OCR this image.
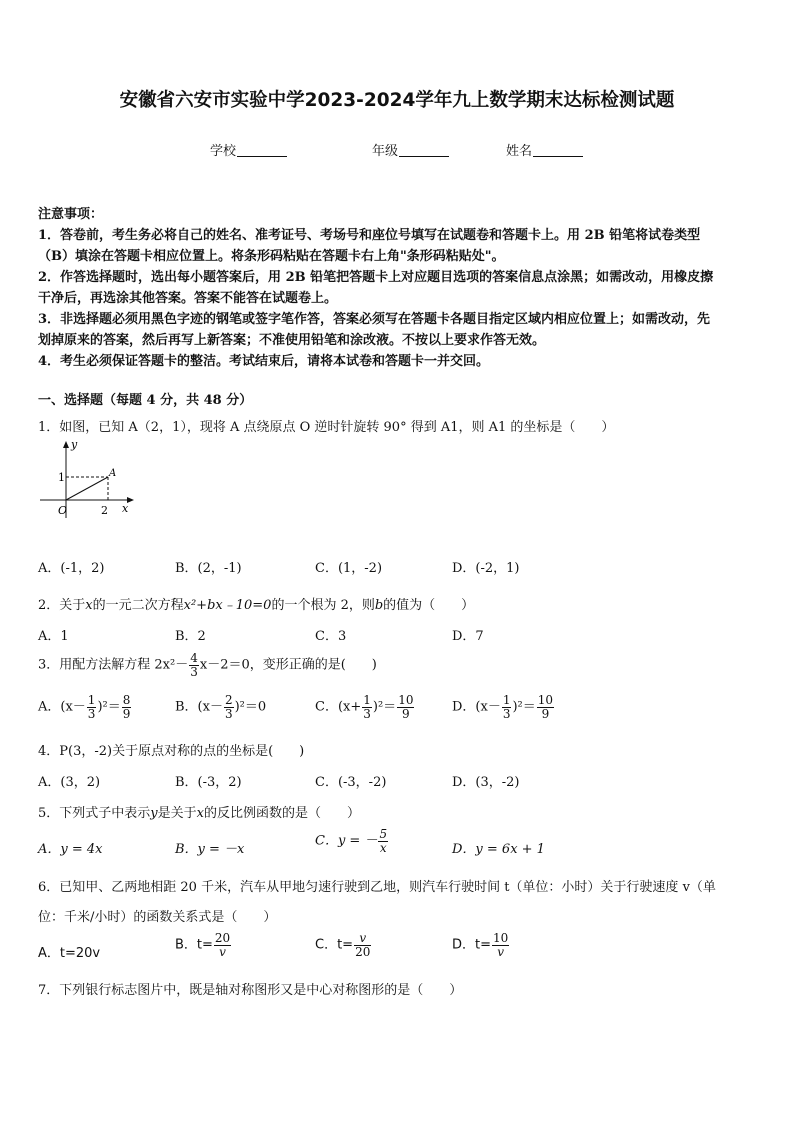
安徽省六安市实验中学2023-2024学年九上数学期末达标检测试题
学校	年级	姓名
注意事项：
1．答卷前，考生务必将自己的姓名、准考证号、考场号和座位号填写在试题卷和答题卡上。用 2B 铅笔将试卷类型
（B）填涂在答题卡相应位置上。将条形码粘贴在答题卡右上角"条形码粘贴处"。
2．作答选择题时，选出每小题答案后，用 2B 铅笔把答题卡上对应题目选项的答案信息点涂黑；如需改动，用橡皮擦
干净后，再选涂其他答案。答案不能答在试题卷上。
3．非选择题必须用黑色字迹的钢笔或签字笔作答，答案必须写在答题卡各题目指定区域内相应位置上；如需改动，先
划掉原来的答案，然后再写上新答案；不准使用铅笔和涂改液。不按以上要求作答无效。
4．考生必须保证答题卡的整洁。考试结束后，请将本试卷和答题卡一并交回。
一、选择题（每题 4 分，共 48 分）
1．如图，已知 A（2，1），现将 A 点绕原点 O 逆时针旋转 90° 得到 A1，则 A1 的坐标是（　　）
y
x
O
1
2
A
A．(-1，2)	B．(2，-1)	C．(1，-2)	D．(-2，1)
2．关于x的一元二次方程x²+bx﹣10=0的一个根为 2，则b的值为（　　）
A．1	B．2	C．3	D．7
3．用配方法解方程 $2x^2- \frac{4}{3} x-2=0$，变形正确的是(　　)
A．$(x- \frac{1}{3} )^2= \frac{8}{9}$	B．$(x- \frac{2}{3} )^2=0$	C．$(x+ \frac{1}{3} )^2= \frac{10}{9}$	D．$(x- \frac{1}{3} )^2= \frac{10}{9}$
4．P(3，-2)关于原点对称的点的坐标是(　　)
A．(3，2)	B．(-3，2)	C．(-3，-2)	D．(3，-2)
5．下列式子中表示y是关于x的反比例函数的是（　　）
A．y = 4x	B．y = －x
C．y = － $\frac{5}{x}$	D．y = 6x + 1
6．已知甲、乙两地相距 20 千米，汽车从甲地匀速行驶到乙地，则汽车行驶时间 t（单位：小时）关于行驶速度 v（单
位：千米/小时）的函数关系式是（　　）
A．t=20v
B．$t= \frac{20}{v}$	C．$t= \frac{v}{20}$	D．$t= \frac{10}{v}$
7．下列银行标志图片中，既是轴对称图形又是中心对称图形的是（　　）
